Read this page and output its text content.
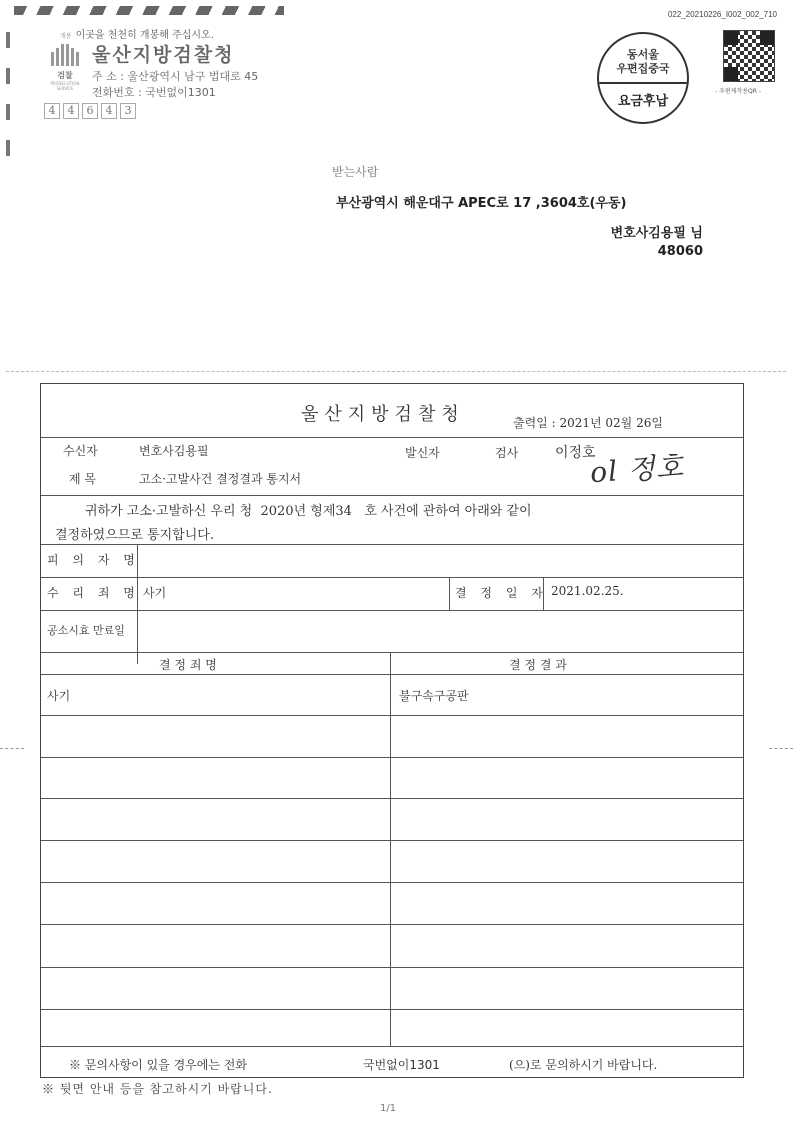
022_20210226_I002_002_710
개봉 이곳을 천천히 개봉해 주십시오.
검찰
PROSECUTION SERVICE
울산지방검찰청
주 소 : 울산광역시 남구 법대로 45
전화번호 : 국번없이1301
4	4	6	4	3
동서울
우편집중국
요금후납
- 우편제작용QR -
받는사람
부산광역시 해운대구 APEC로 17 ,3604호(우동)
변호사김용필 님
48060
울산지방검찰청	출력일 : 2021년 02월 26일
수신자	변호사김용필	발신자	검사	이정호
제 목	고소·고발사건 결정결과 통지서
귀하가 고소·고발하신 우리 청 2020년 형제34 호 사건에 관하여 아래와 같이
결정하였으므로 통지합니다.
피 의 자 명
수 리 죄 명 사기	결 정 일 자 2021.02.25.
공소시효 만료일
결 정 죄 명	결 정 결 과
사기	불구속구공판
※ 문의사항이 있을 경우에는 전화	국번없이1301	(으)로 문의하시기 바랍니다.
ol 정호
※ 뒷면 안내 등을 참고하시기 바랍니다.
1/1
